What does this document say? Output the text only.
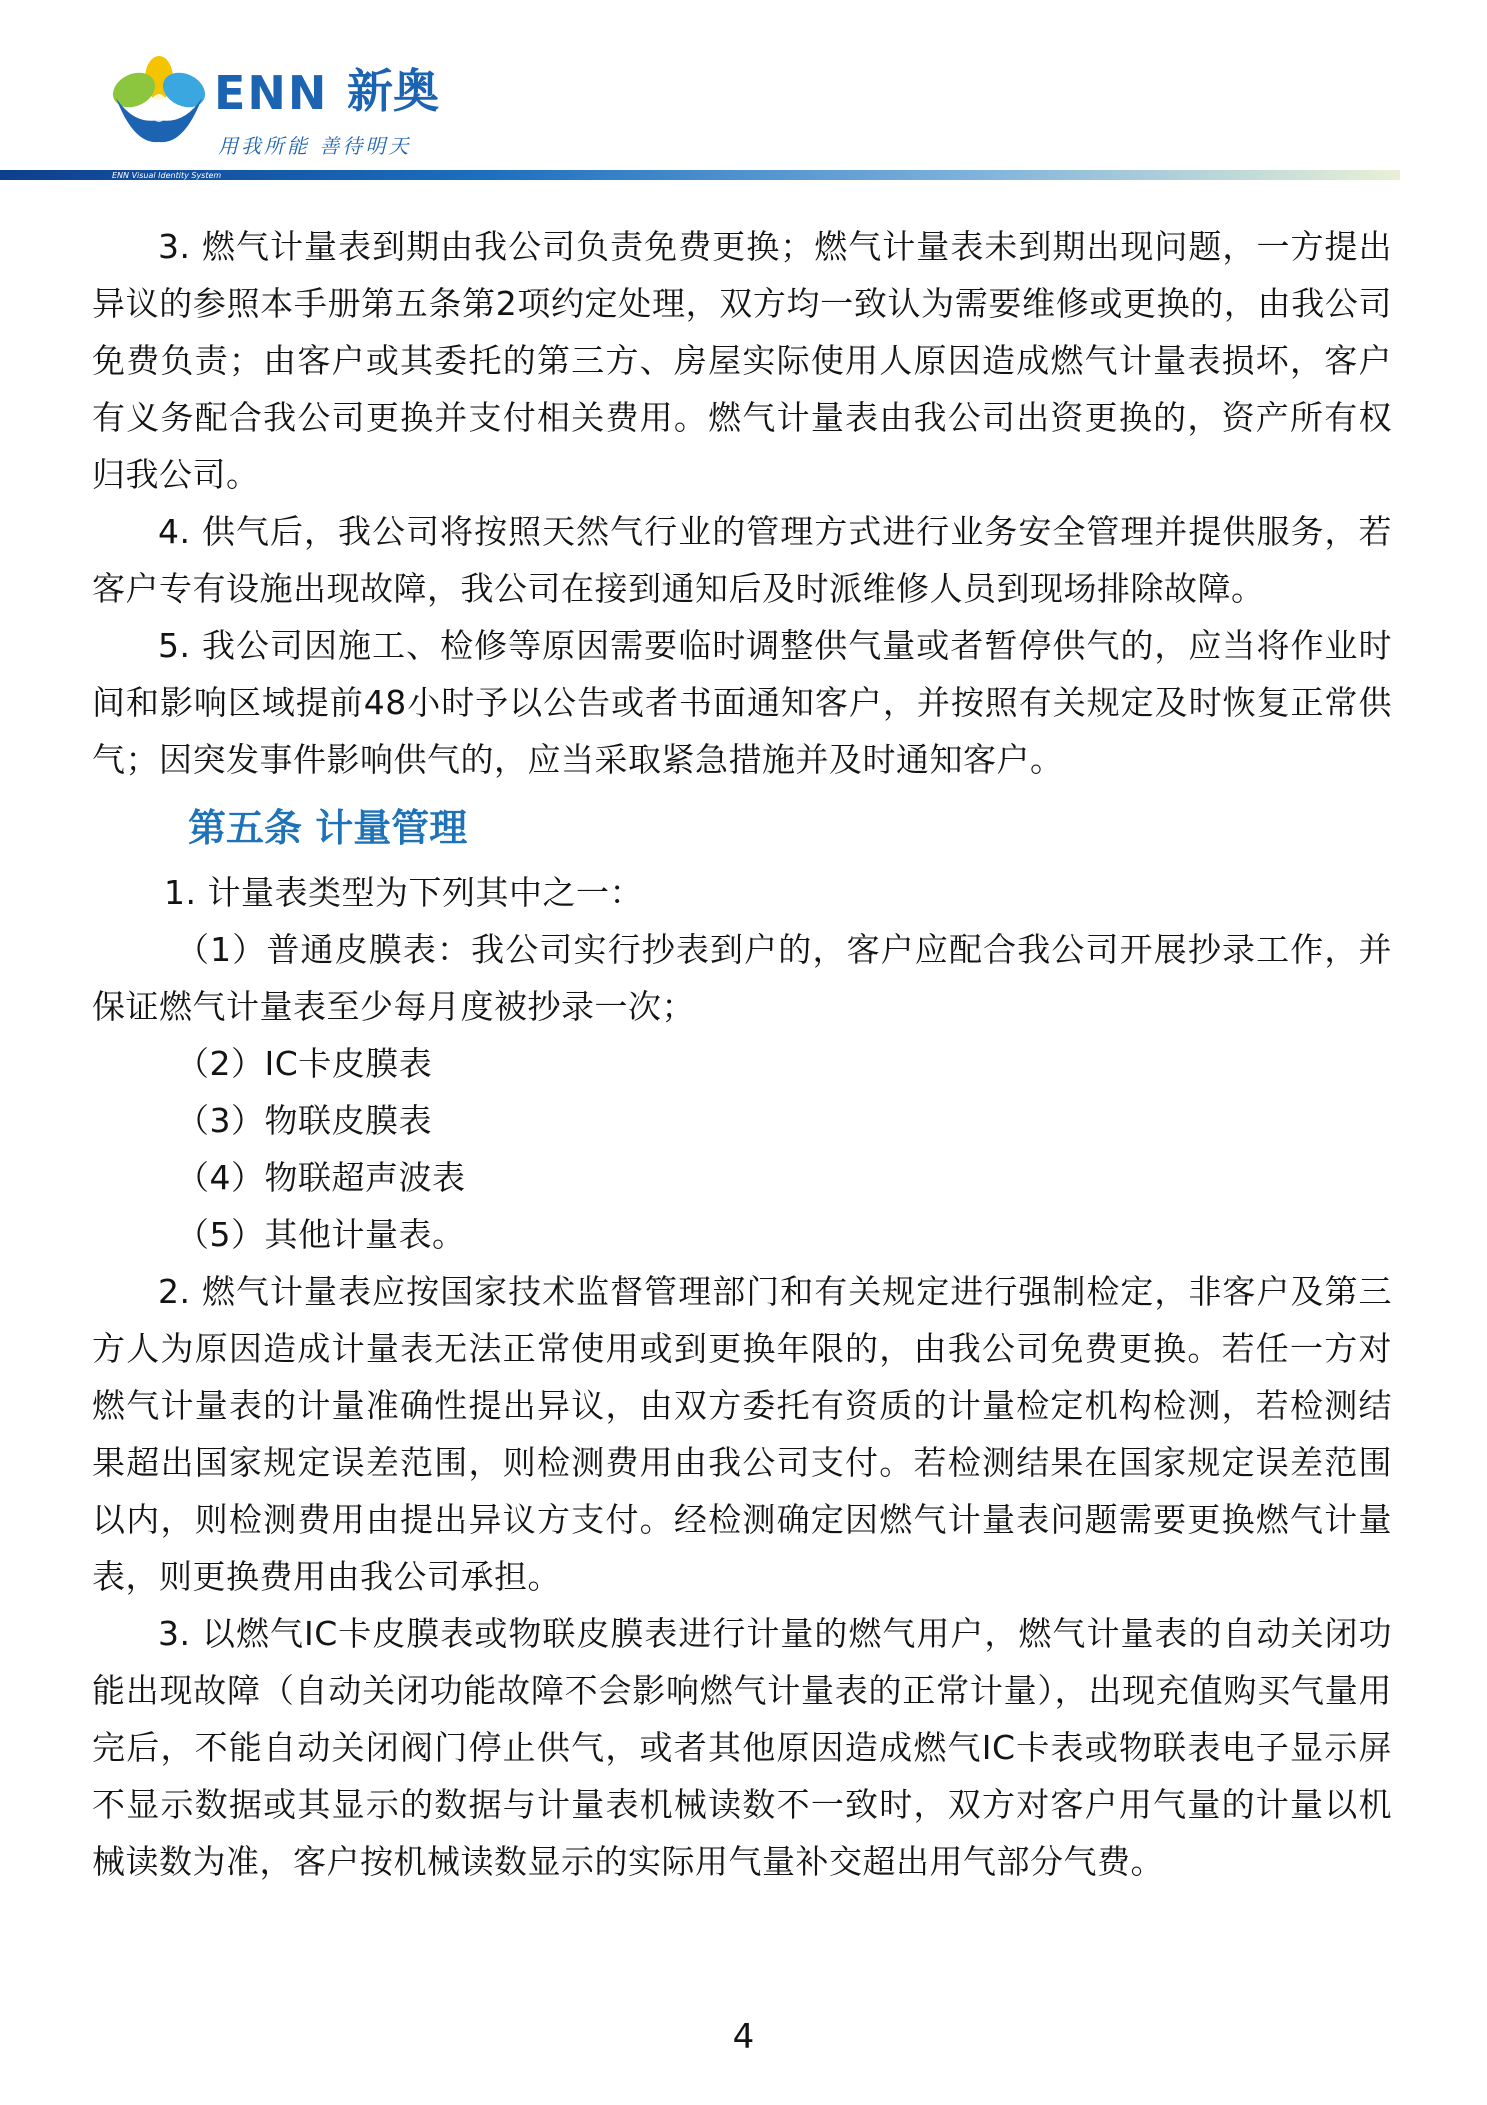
ENN 新奥
用我所能 善待明天
ENN Visual Identity System

3. 燃气计量表到期由我公司负责免费更换；燃气计量表未到期出现问题，一方提出异议的参照本手册第五条第2项约定处理，双方均一致认为需要维修或更换的，由我公司免费负责；由客户或其委托的第三方、房屋实际使用人原因造成燃气计量表损坏，客户有义务配合我公司更换并支付相关费用。燃气计量表由我公司出资更换的，资产所有权归我公司。

4. 供气后，我公司将按照天然气行业的管理方式进行业务安全管理并提供服务，若客户专有设施出现故障，我公司在接到通知后及时派维修人员到现场排除故障。

5. 我公司因施工、检修等原因需要临时调整供气量或者暂停供气的，应当将作业时间和影响区域提前48小时予以公告或者书面通知客户，并按照有关规定及时恢复正常供气；因突发事件影响供气的，应当采取紧急措施并及时通知客户。

第五条 计量管理

1. 计量表类型为下列其中之一：

（1）普通皮膜表：我公司实行抄表到户的，客户应配合我公司开展抄录工作，并保证燃气计量表至少每月度被抄录一次；

（2）IC卡皮膜表

（3）物联皮膜表

（4）物联超声波表

（5）其他计量表。

2. 燃气计量表应按国家技术监督管理部门和有关规定进行强制检定，非客户及第三方人为原因造成计量表无法正常使用或到更换年限的，由我公司免费更换。若任一方对燃气计量表的计量准确性提出异议，由双方委托有资质的计量检定机构检测，若检测结果超出国家规定误差范围，则检测费用由我公司支付。若检测结果在国家规定误差范围以内，则检测费用由提出异议方支付。经检测确定因燃气计量表问题需要更换燃气计量表，则更换费用由我公司承担。

3. 以燃气IC卡皮膜表或物联皮膜表进行计量的燃气用户，燃气计量表的自动关闭功能出现故障（自动关闭功能故障不会影响燃气计量表的正常计量），出现充值购买气量用完后，不能自动关闭阀门停止供气，或者其他原因造成燃气IC卡表或物联表电子显示屏不显示数据或其显示的数据与计量表机械读数不一致时，双方对客户用气量的计量以机械读数为准，客户按机械读数显示的实际用气量补交超出用气部分气费。

4
